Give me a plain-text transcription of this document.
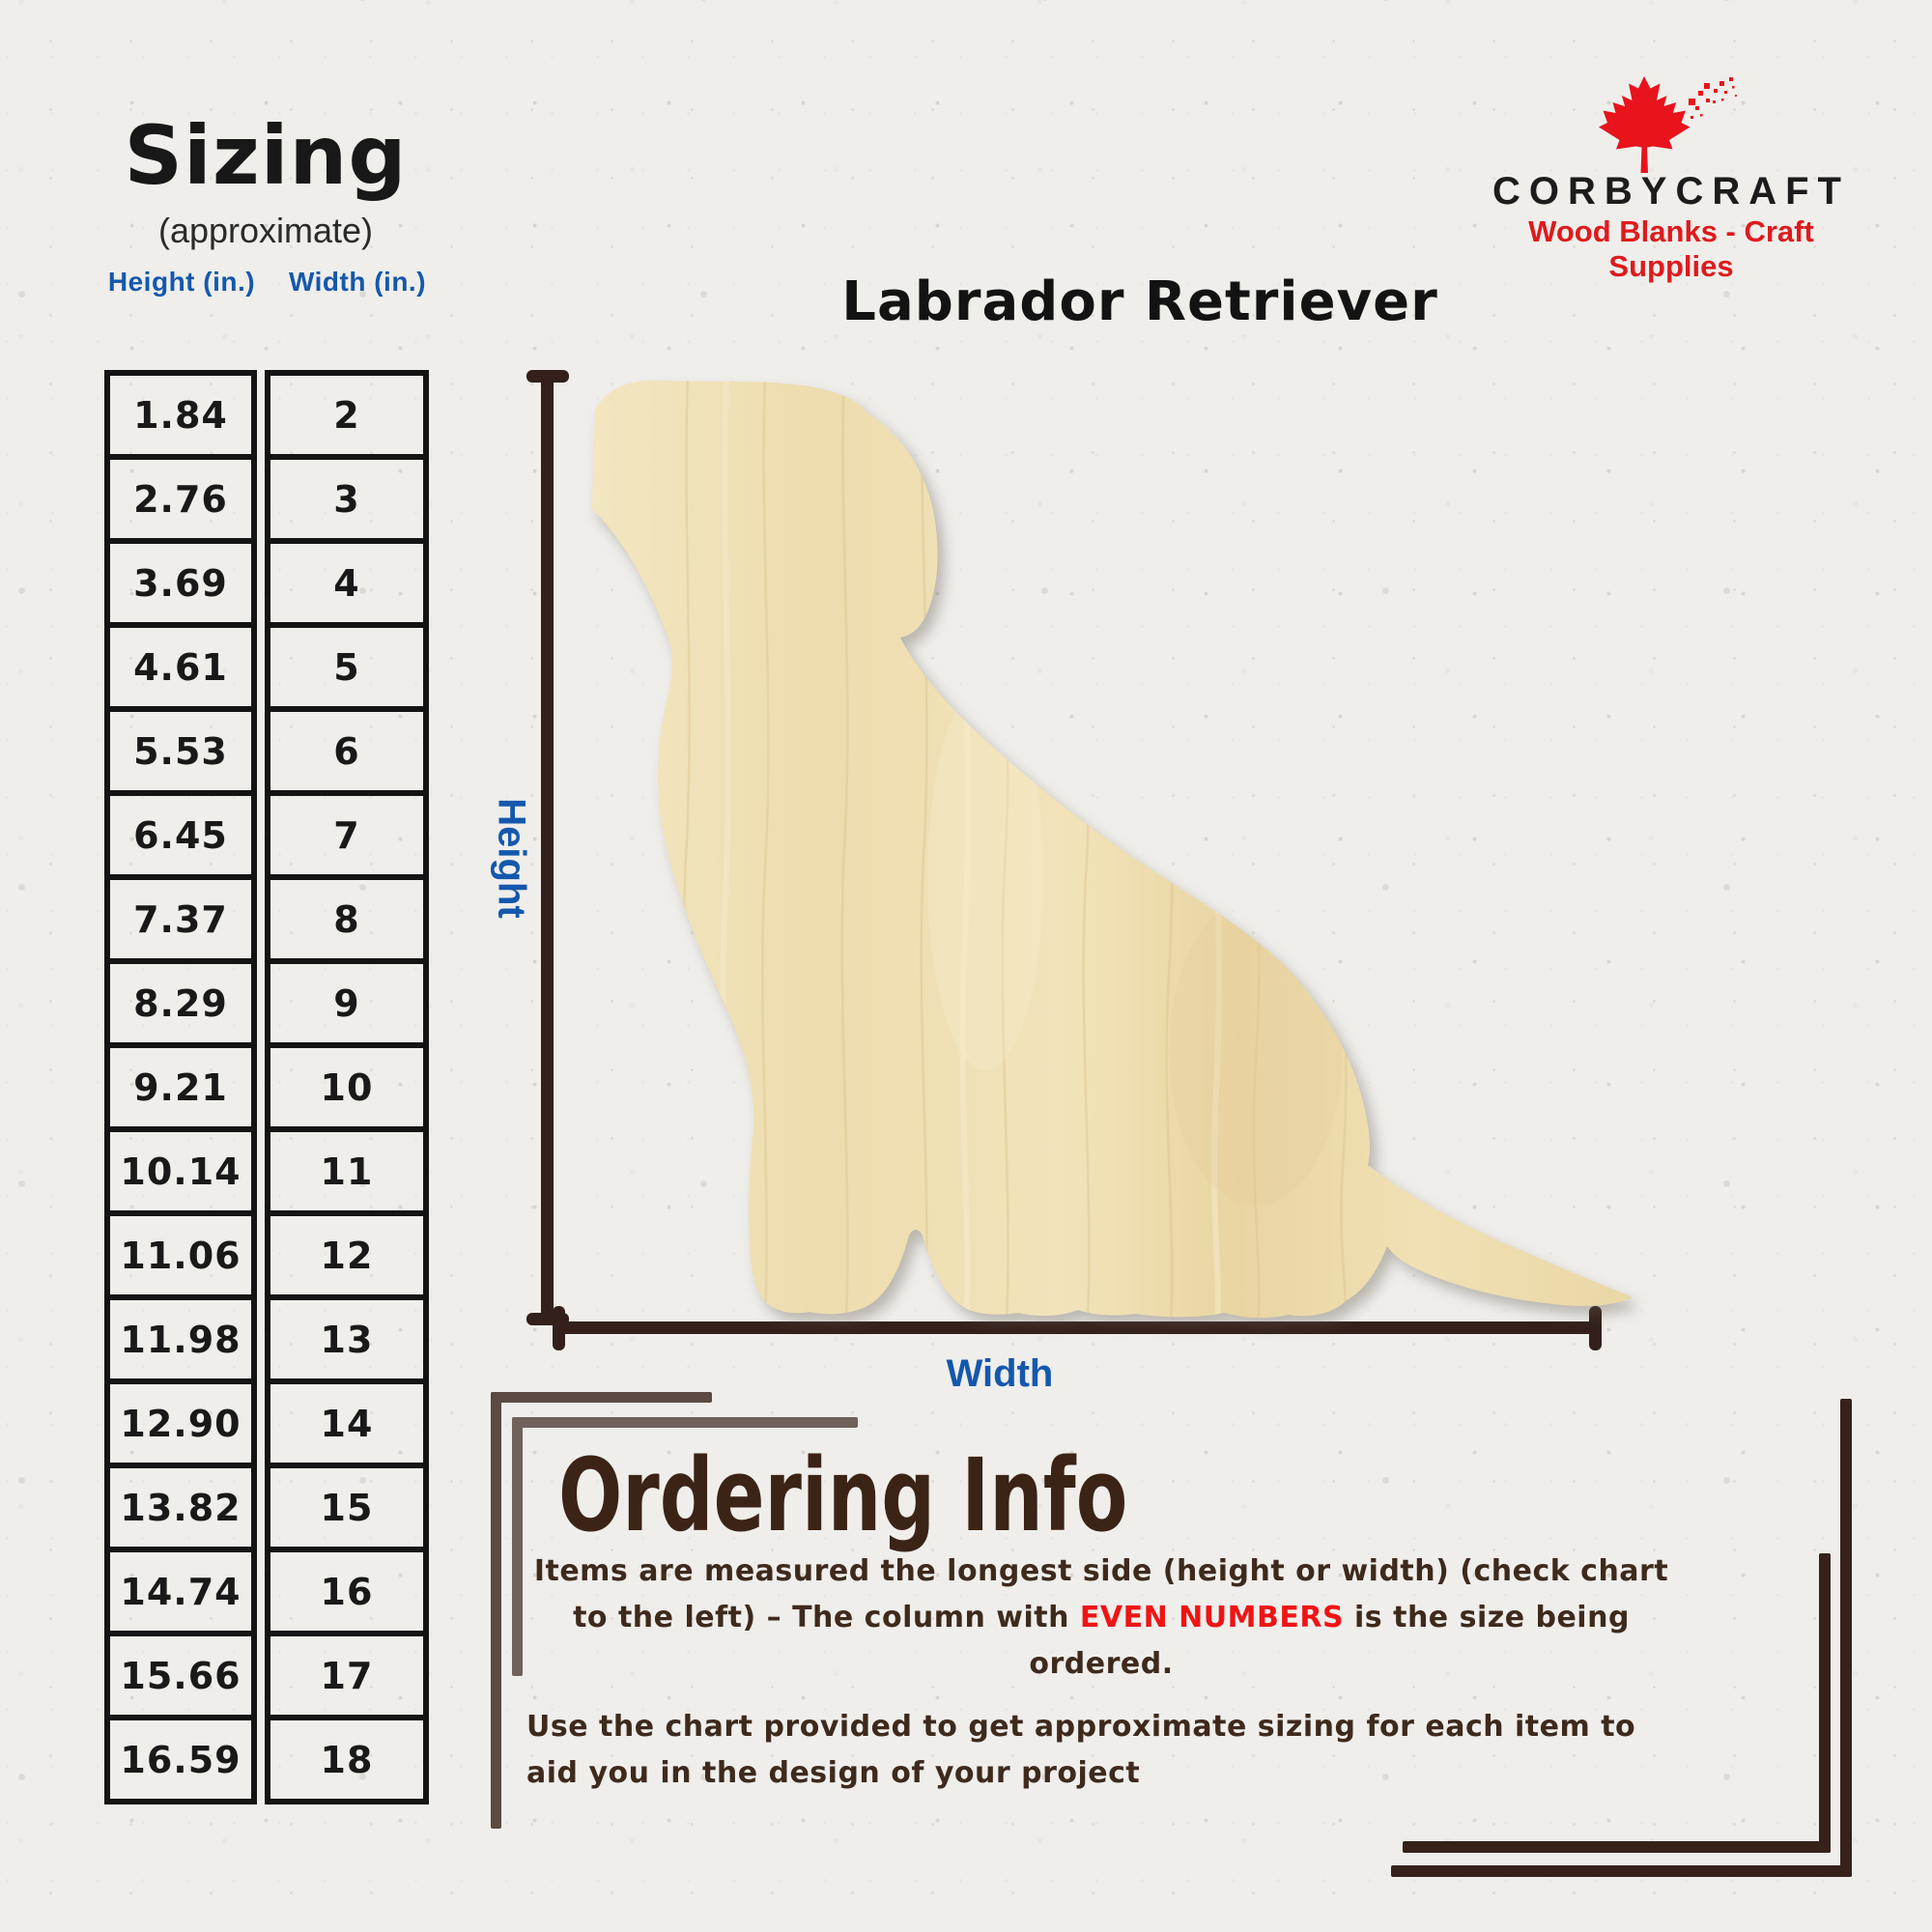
Sizing
(approximate)
Height (in.)	Width (in.)
1.84
2.76
3.69
4.61
5.53
6.45
7.37
8.29
9.21
10.14
11.06
11.98
12.90
13.82
14.74
15.66
16.59
2
3
4
5
6
7
8
9
10
11
12
13
14
15
16
17
18
CORBYCRAFT
Wood Blanks - Craft Supplies
Labrador Retriever
Height
Width
Ordering Info
Items are measured the longest side (height or width) (check chart to the left) – The column with EVEN NUMBERS is the size being ordered.
Use the chart provided to get approximate sizing for each item to aid you in the design of your project
